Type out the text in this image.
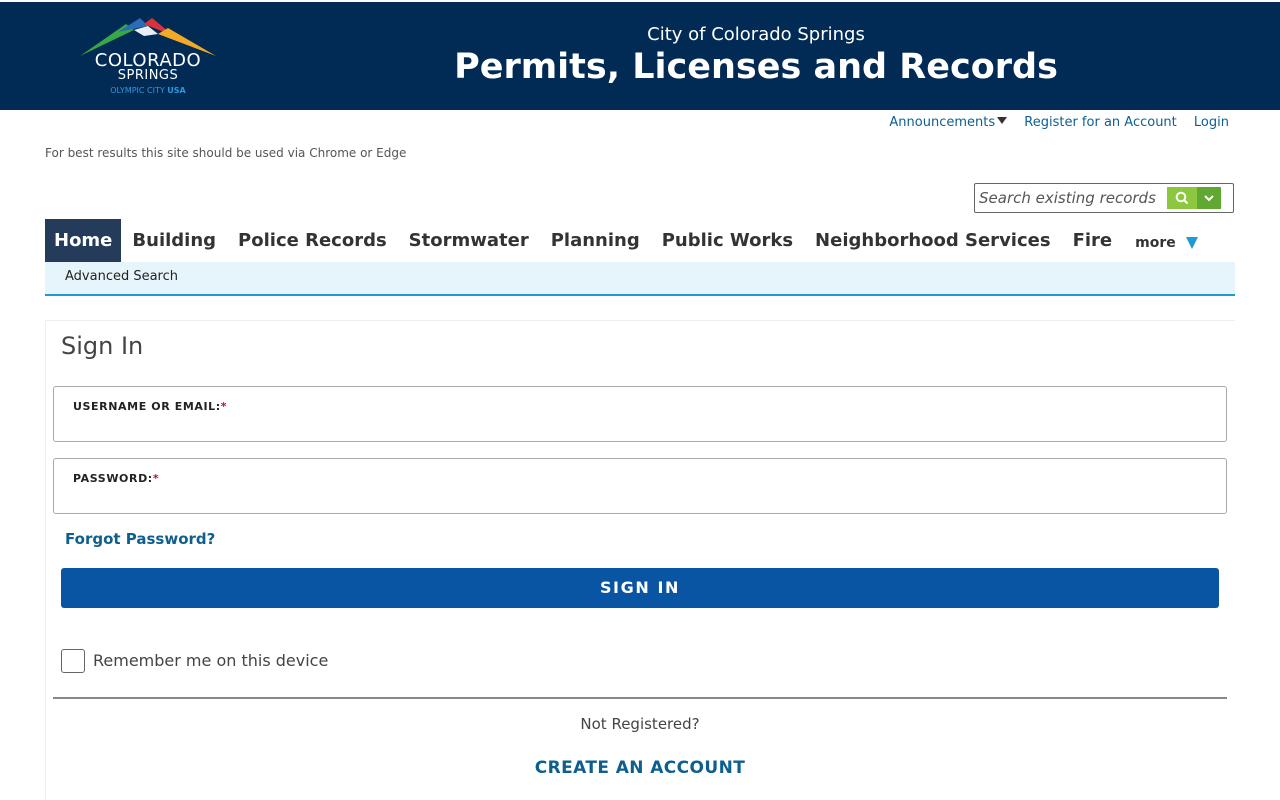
COLORADO
SPRINGS
OLYMPIC CITY USA
City of Colorado Springs
Permits, Licenses and Records
Announcements Register for an Account Login
For best results this site should be used via Chrome or Edge
Search existing records
Home	Building	Police Records	Stormwater	Planning	Public Works	Neighborhood Services	Fire	more
Advanced Search
Sign In
USERNAME OR EMAIL:*
PASSWORD:*
Forgot Password?
SIGN IN
Remember me on this device
Not Registered?
CREATE AN ACCOUNT
